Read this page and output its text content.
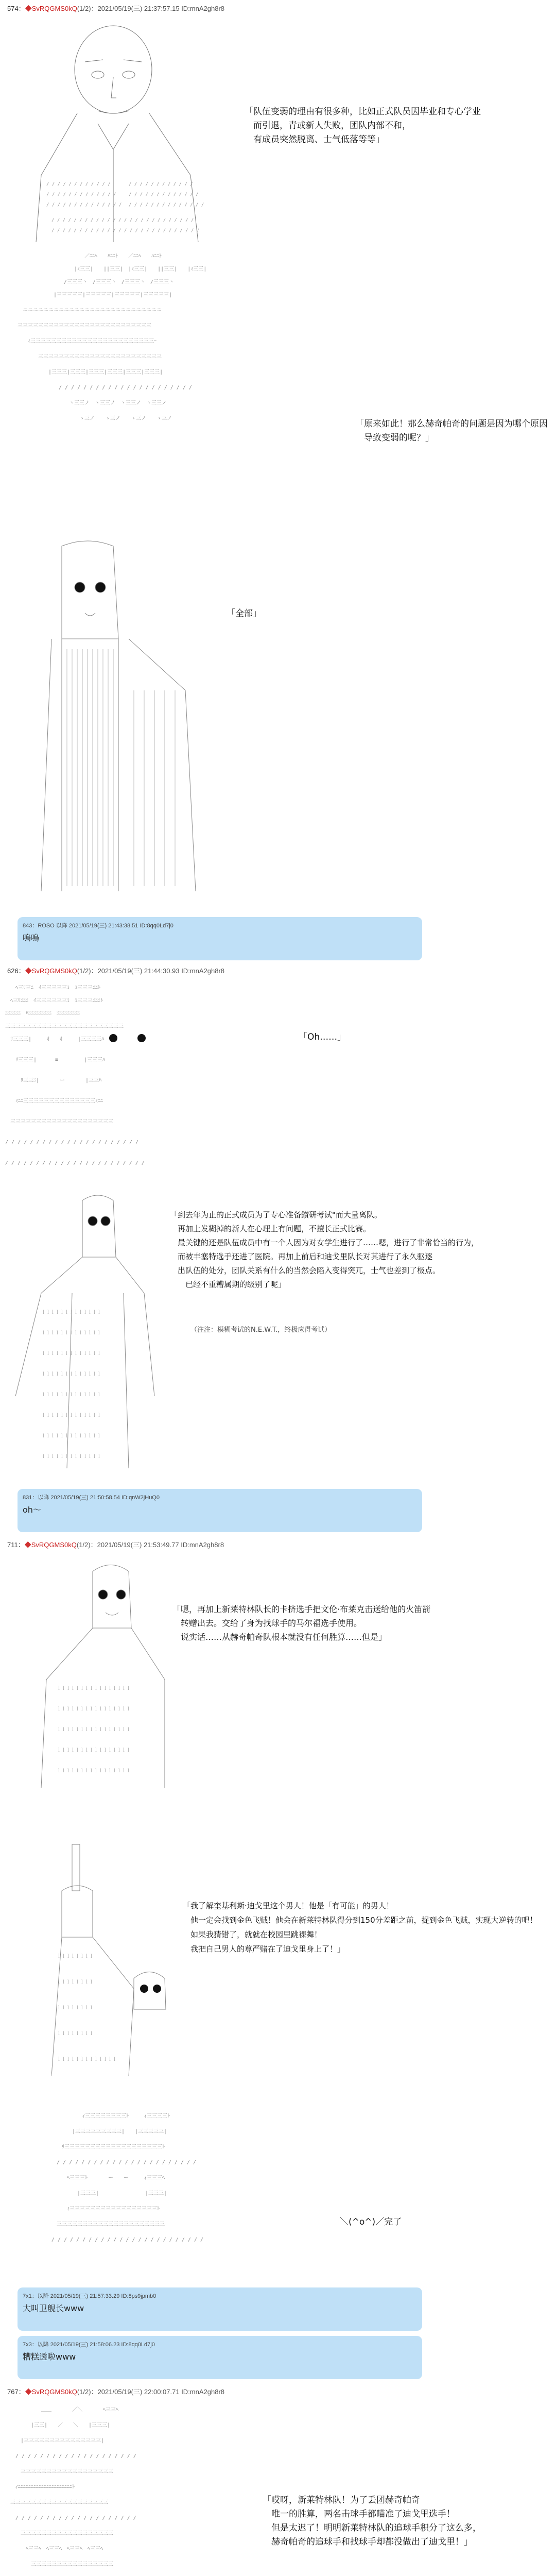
574：◆SvRQGMS0kQ(1/2)：2021/05/19(三) 21:37:57.15 ID:mnA2gh8r8
/ / / / / / / / / / / /
/ / / / / / / / / / / / /
/ / / / / / / / / / / / / /
/ / / / / / / / / / / /
/ / / / / / / / / / / / /
/ / / / / / / / / / / / / /
/ / / / / / / / / / / / / / / / / / / / / / / / / /
/ / / / / / / / / / / / / / / / / / / / / / / / / / /
「队伍变弱的理由有很多种，比如正式队员因毕业和专心学业
　而引退，青或新人失败，团队内部不和，
　有成员突然脱离、士气低落等等」
／ﾆﾆﾍ　　ﾊﾆﾆﾄ　　／ﾆﾆﾍ　　ﾊﾆﾆﾄ
|ﾐ三三|　　||三三|　|ﾐ三三|　　||三三|　　|ﾐ三三|
/三三三ヽ　/三三三ヽ　/三三三ヽ　/三三三ヽ
|三三三三三|三三三三三|三三三三三|三三三三三|
ニニニニニニニニニニニニニニニニニニニニニニニニニニニ
三三三三三三三三三三三三三三三三三三三三三三三三三三
ｨ三三三三三三三三三三三三三三三三三三三三三三三三ｰ
三三三三三三三三三三三三三三三三三三三三三三三三
|三三三|三三三|三三三|三三三|三三三|三三三|
/ / / / / / / / / / / / / / / / / / / / / /
ヽ三三ノ　ヽ三三ノ　ヽ三三ノ　ヽ三三ノ
ゝ三ノ　　ゝ三ノ　　ゝ三ノ　　ゝ三ノ
「原来如此！那么赫奇帕奇的问题是因为哪个原因
　导致变弱的呢？」
「全部」
843：ROSO 以降 2021/05/19(三) 21:43:38.51 ID:8qq0Ld7j0
嗚嗚
626：◆SvRQGMS0kQ(1/2)：2021/05/19(三) 21:44:30.93 ID:mnA2gh8r8
ﾍ三ﾘ三ﾆ　ｲ三三三三三ﾐ　ﾐ三三三ﾆﾆﾄ
ﾍ三ﾘﾆﾆﾆ　ｲ三三三三三三ﾐ　ﾐ三三三ﾆﾆﾆﾄ
ﾆﾆﾆﾆﾆﾆ　ﾊﾆﾆﾆﾆﾆﾆﾆﾆﾆ　ﾆﾆﾆﾆﾆﾆﾆﾆﾆ
三三三三三三三三三三三三三三三三三三三三三三三
ﾘ三三三|　　　ｵ　　ｵ　　　|三三三三ﾊ
ﾘ三三三|　　　 ≡　　　　　|三三三ﾊ
ﾘ三三ﾆ|　　　　ー　　　　|三三ﾊ
ﾐﾆﾆ三三三三三三三三三三三三三三ﾐﾆﾆ
三三三三三三三三三三三三三三三三三三三三
/ / / / / / / / / / / / / / / / / / / / / /
/ / / / / / / / / / / / / / / / / / / / / / /
「Oh……」
ｌｌｌｌｌｌｌｌｌｌｌｌｌ
ｌｌｌｌｌｌｌｌｌｌｌｌｌ
ｌｌｌｌｌｌｌｌｌｌｌｌｌ
ｌｌｌｌｌｌｌｌｌｌｌｌｌ
ｌｌｌｌｌｌｌｌｌｌｌｌｌ
ｌｌｌｌｌｌｌｌｌｌｌｌｌ
ｌｌｌｌｌｌｌｌｌｌｌｌｌ
ｌｌｌｌｌｌｌｌｌｌｌｌｌ
「到去年为止的正式成员为了专心准备鑚研考试"而大量离队。
　再加上发糊掉的新人在心理上有问题，不擅长正式比赛。
　最关键的还是队伍成员中有一个人因为对女学生进行了……嗯，进行了非常恰当的行为，
　而被丰塞特选手还进了医院。再加上前后和迪戈里队长对其进行了永久驱逐
　出队伍的处分，团队关系有什么的当然会陷入变得突兀，士气也差到了极点。
　　已经不重糟属期的级别了呢」
（注注：模糊考试的N.E.W.T.，终极应得考试）
831：以降 2021/05/19(三) 21:50:58.54 ID:qnW2jHuQ0
oh〜
711：◆SvRQGMS0kQ(1/2)：2021/05/19(三) 21:53:49.77 ID:mnA2gh8r8
ｌｌｌｌｌｌｌｌｌｌｌｌｌｌｌｌ
ｌｌｌｌｌｌｌｌｌｌｌｌｌｌｌｌ
ｌｌｌｌｌｌｌｌｌｌｌｌｌｌｌｌ
ｌｌｌｌｌｌｌｌｌｌｌｌｌｌｌｌ
ｌｌｌｌｌｌｌｌｌｌｌｌｌｌｌｌ
「嗯，再加上新莱特林队长的卡挤选手把文伦·布莱克击送给他的火笛箭
　转赠出去。交给了身为找球手的马尔福选手使用。
　说实话……从赫奇帕奇队根本就没有任何胜算……但是」
ｌｌｌｌｌｌｌｌ
ｌｌｌｌｌｌｌｌ
ｌｌｌｌｌｌｌｌ
ｌｌｌｌｌｌｌｌ
ｌｌｌｌｌｌｌｌｌｌｌｌｌ
「我了解奎基利斯·迪戈里这个男人！他是「有可能」的男人！
　他一定会找到金色飞贼！他会在新莱特林队得分到150分差距之前，捉到金色飞贼，实现大逆转的吧！
　如果我猜错了，就就在校园里跳裸舞！
　我把自己男人的尊严赌在了迪戈里身上了！」
ｨ三三三三三三三三ﾄ　　　ｨ三三三三ﾄ
|三三三三三三三三三|　　|三三三三三|
ﾘ三三三三三三三三三三三三三三三三三三三ﾄ
/ / / / / / / / / / / / / / / / / / / / / / /
ﾍ三三三ﾄ　　　　ー　　ー　　　ｨ三三三ﾍ
|三三三|　　　　　　　　　|三三三|
ｨ三三三三三三三三三三三三三三三三三ﾄ
三三三三三三三三三三三三三三三三三三三三三
/ / / / / / / / / / / / / / / / / / / / / / / / /
＼(^o^)／完了
7x1：以降 2021/05/19(三) 21:57:33.29 ID:8ps9jpmb0
大叫卫舰长www
7x3：以降 2021/05/19(三) 21:58:06.23 ID:8qq0Ld7j0
糟糕透啦www
767：◆SvRQGMS0kQ(1/2)：2021/05/19(三) 22:00:07.71 ID:mnA2gh8r8
＿＿　　　　／＼　　　　ﾍ三三ﾍ
|三三|　　／　　＼　　|三三三|
|三三三三三三三三三三三三三三三|
/ / / / / / / / / / / / / / / / / / / /
三三三三三三三三三三三三三三三三三三
ｨﾆﾆﾆﾆﾆﾆﾆﾆﾆﾆﾆﾆﾆﾆﾆﾆﾆﾆﾆﾆﾆﾄ
三三三三三三三三三三三三三三三三三三三
/ / / / / / / / / / / / / / / / / / / /
三三三三三三三三三三三三三三三三三三
ﾍ三三ﾍ　ﾍ三三ﾍ　ﾍ三三ﾍ　ﾍ三三ﾍ
三三三三三三三三三三三三三三三三
「哎呀，新莱特林队！为了丢团赫奇帕奇
　唯一的胜算，两名击球手都瞄准了迪戈里选手！
　但是太迟了！明明新莱特林队的追球手积分了这么多，
　赫奇帕奇的追球手和找球手却都没做出了迪戈里！」
